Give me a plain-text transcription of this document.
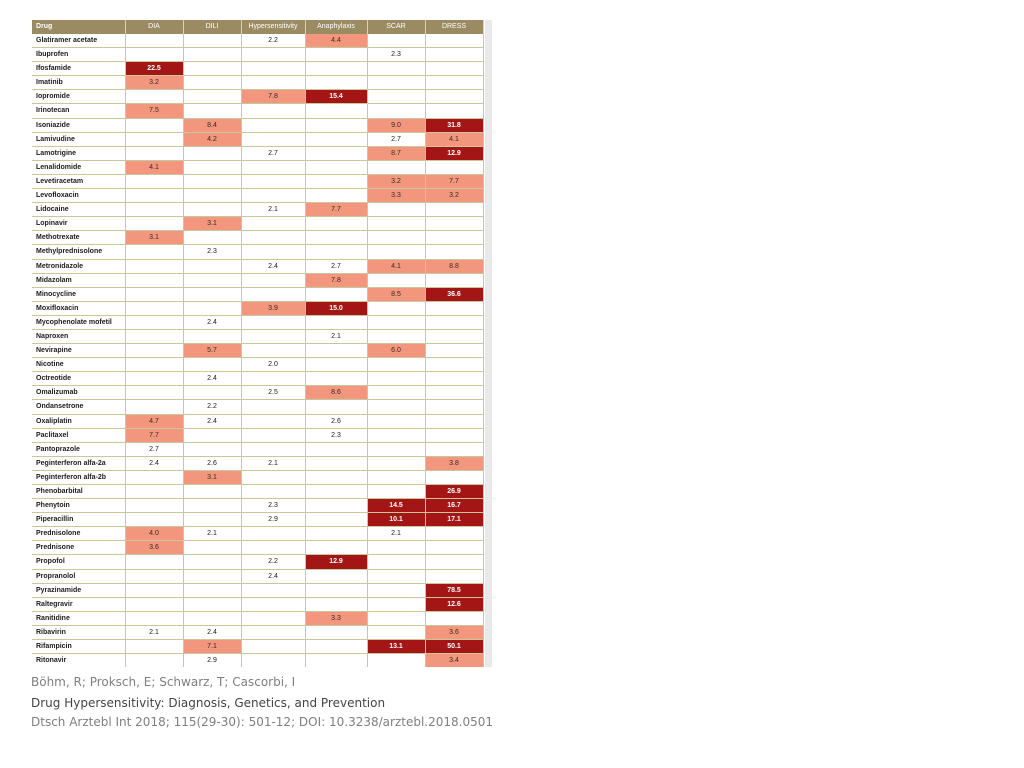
Drug	DIA	DILI	Hypersensitivity	Anaphylaxis	SCAR	DRESS
Glatiramer acetate			2.2	4.4		
Ibuprofen					2.3	
Ifosfamide	22.5					
Imatinib	3.2					
Iopromide			7.8	15.4		
Irinotecan	7.5					
Isoniazide		8.4			9.0	31.8
Lamivudine		4.2			2.7	4.1
Lamotrigine			2.7		8.7	12.9
Lenalidomide	4.1					
Levetiracetam					3.2	7.7
Levofloxacin					3.3	3.2
Lidocaine			2.1	7.7		
Lopinavir		3.1				
Methotrexate	3.1					
Methylprednisolone		2.3				
Metronidazole			2.4	2.7	4.1	8.8
Midazolam				7.8		
Minocycline					8.5	36.6
Moxifloxacin			3.9	15.0		
Mycophenolate mofetil		2.4				
Naproxen				2.1		
Nevirapine		5.7			6.0	
Nicotine			2.0			
Octreotide		2.4				
Omalizumab			2.5	8.6		
Ondansetrone		2.2				
Oxaliplatin	4.7	2.4		2.6		
Paclitaxel	7.7			2.3		
Pantoprazole	2.7					
Peginterferon alfa-2a	2.4	2.6	2.1			3.8
Peginterferon alfa-2b		3.1				
Phenobarbital						26.9
Phenytoin			2.3		14.5	16.7
Piperacillin			2.9		10.1	17.1
Prednisolone	4.0	2.1			2.1	
Prednisone	3.6					
Propofol			2.2	12.9		
Propranolol			2.4			
Pyrazinamide						78.5
Raltegravir						12.6
Ranitidine				3.3		
Ribavirin	2.1	2.4				3.6
Rifampicin		7.1			13.1	50.1
Ritonavir		2.9				3.4

Böhm, R; Proksch, E; Schwarz, T; Cascorbi, I
Drug Hypersensitivity: Diagnosis, Genetics, and Prevention
Dtsch Arztebl Int 2018; 115(29-30): 501-12; DOI: 10.3238/arztebl.2018.0501
